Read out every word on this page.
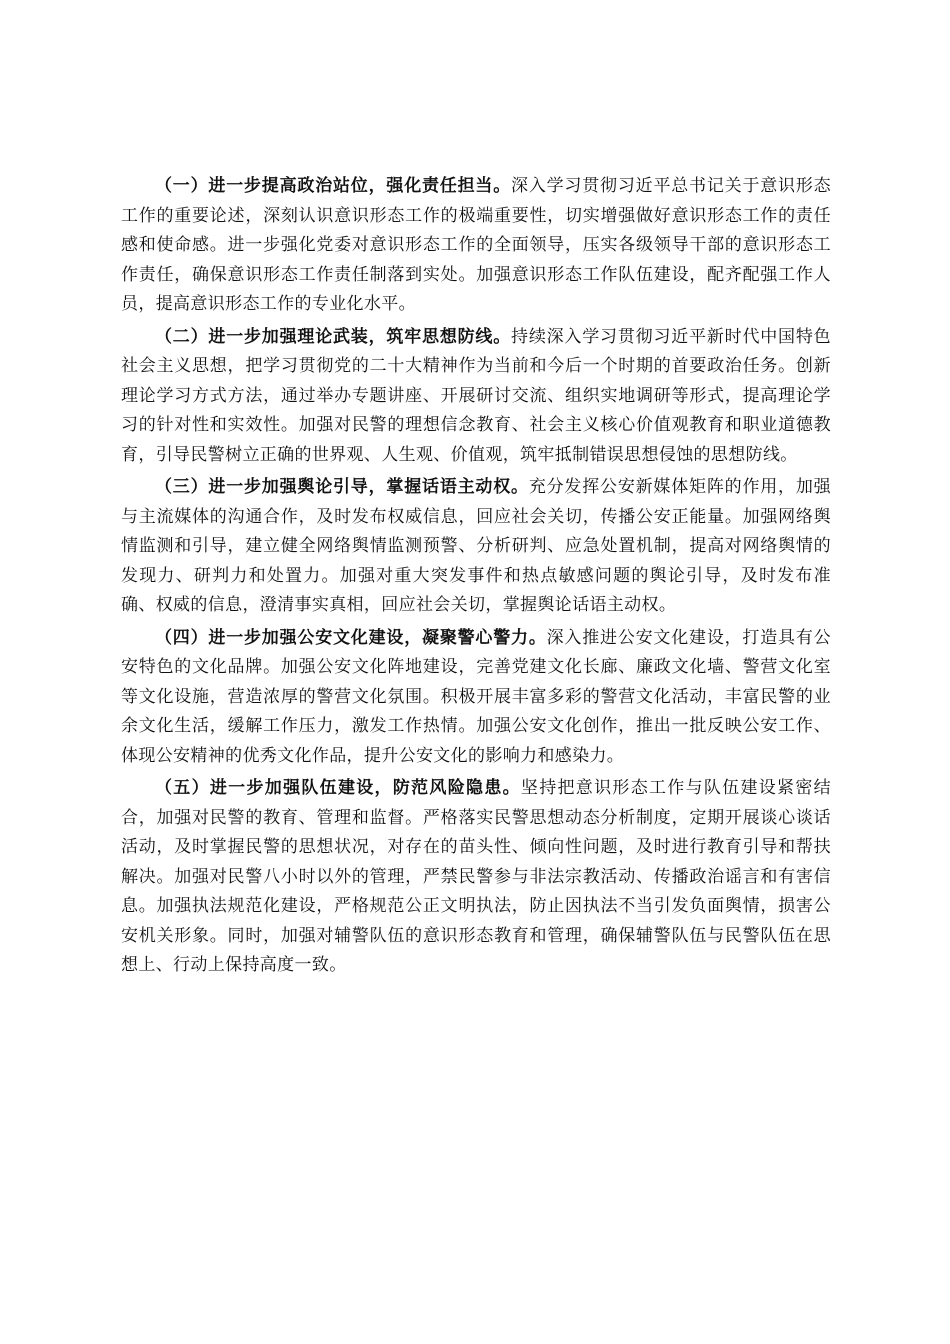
（一）进一步提高政治站位，强化责任担当。深入学习贯彻习近平总书记关于意识形态工作的重要论述，深刻认识意识形态工作的极端重要性，切实增强做好意识形态工作的责任感和使命感。进一步强化党委对意识形态工作的全面领导，压实各级领导干部的意识形态工作责任，确保意识形态工作责任制落到实处。加强意识形态工作队伍建设，配齐配强工作人员，提高意识形态工作的专业化水平。

（二）进一步加强理论武装，筑牢思想防线。持续深入学习贯彻习近平新时代中国特色社会主义思想，把学习贯彻党的二十大精神作为当前和今后一个时期的首要政治任务。创新理论学习方式方法，通过举办专题讲座、开展研讨交流、组织实地调研等形式，提高理论学习的针对性和实效性。加强对民警的理想信念教育、社会主义核心价值观教育和职业道德教育，引导民警树立正确的世界观、人生观、价值观，筑牢抵制错误思想侵蚀的思想防线。

（三）进一步加强舆论引导，掌握话语主动权。充分发挥公安新媒体矩阵的作用，加强与主流媒体的沟通合作，及时发布权威信息，回应社会关切，传播公安正能量。加强网络舆情监测和引导，建立健全网络舆情监测预警、分析研判、应急处置机制，提高对网络舆情的发现力、研判力和处置力。加强对重大突发事件和热点敏感问题的舆论引导，及时发布准确、权威的信息，澄清事实真相，回应社会关切，掌握舆论话语主动权。

（四）进一步加强公安文化建设，凝聚警心警力。深入推进公安文化建设，打造具有公安特色的文化品牌。加强公安文化阵地建设，完善党建文化长廊、廉政文化墙、警营文化室等文化设施，营造浓厚的警营文化氛围。积极开展丰富多彩的警营文化活动，丰富民警的业余文化生活，缓解工作压力，激发工作热情。加强公安文化创作，推出一批反映公安工作、体现公安精神的优秀文化作品，提升公安文化的影响力和感染力。

（五）进一步加强队伍建设，防范风险隐患。坚持把意识形态工作与队伍建设紧密结合，加强对民警的教育、管理和监督。严格落实民警思想动态分析制度，定期开展谈心谈话活动，及时掌握民警的思想状况，对存在的苗头性、倾向性问题，及时进行教育引导和帮扶解决。加强对民警八小时以外的管理，严禁民警参与非法宗教活动、传播政治谣言和有害信息。加强执法规范化建设，严格规范公正文明执法，防止因执法不当引发负面舆情，损害公安机关形象。同时，加强对辅警队伍的意识形态教育和管理，确保辅警队伍与民警队伍在思想上、行动上保持高度一致。
